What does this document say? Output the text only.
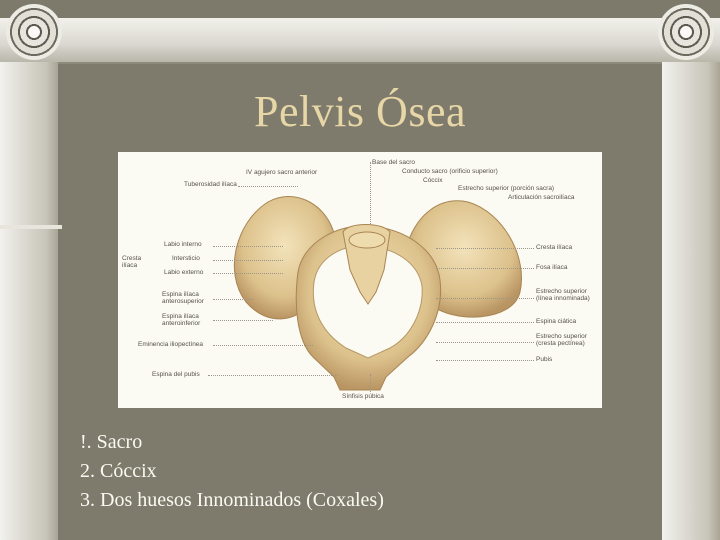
Pelvis Ósea
Tuberosidad ilíaca
Cresta ilíaca
Labio interno
Intersticio
Labio externo
Espina ilíaca anterosuperior
Espina ilíaca anteroinferior
Eminencia iliopectínea
Espina del pubis
IV agujero sacro anterior
Base del sacro
Conducto sacro (orificio superior)
Cóccix
Estrecho superior (porción sacra)
Articulación sacroilíaca
Cresta ilíaca
Fosa ilíaca
Estrecho superior (línea innominada)
Espina ciática
Estrecho superior (cresta pectínea)
Pubis
Sínfisis púbica
!. Sacro
2. Cóccix
3. Dos huesos Innominados (Coxales)
